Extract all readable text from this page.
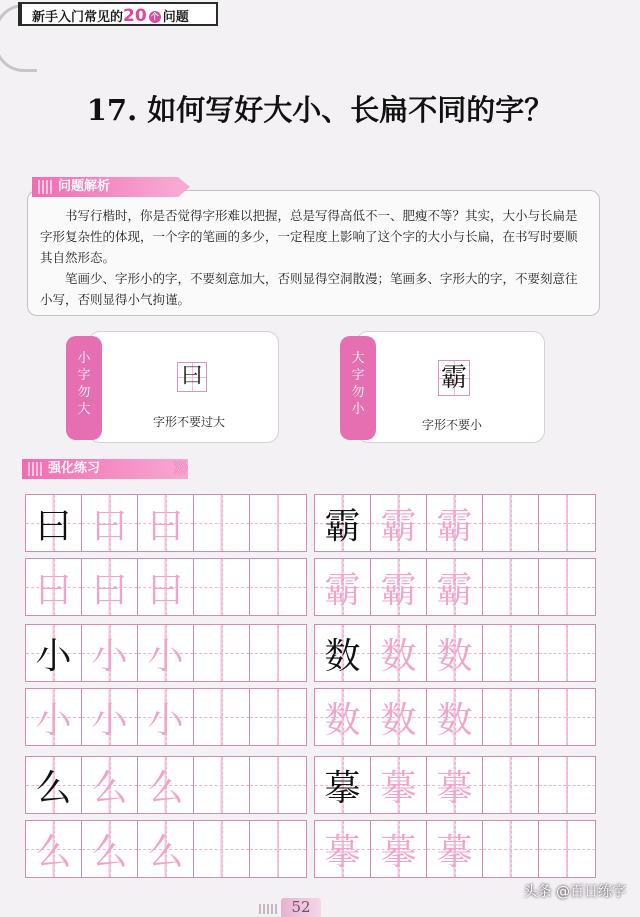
新手入门常见的20 个 问题
17. 如何写好大小、长扁不同的字？

书写行楷时，你是否觉得字形难以把握，总是写得高低不一、肥瘦不等？其实，大小与长扁是字形复杂性的体现，一个字的笔画的多少，一定程度上影响了这个字的大小与长扁，在书写时要顺其自然形态。

笔画少、字形小的字，不要刻意加大，否则显得空洞散漫；笔画多、字形大的字，不要刻意往小写，否则显得小气拘谨。

问题解析
小
字
勿
大
曰
字形不要过大
大
字
勿
小
霸
字形不要小
强化练习	》》》
曰 曰 曰
曰 曰 曰
小 小 小
小 小 小
么 么 么
么 么 么
霸 霸 霸
霸 霸 霸
数 数 数
数 数 数
摹 摹 摹
摹 摹 摹
52
头条 @百日练字
